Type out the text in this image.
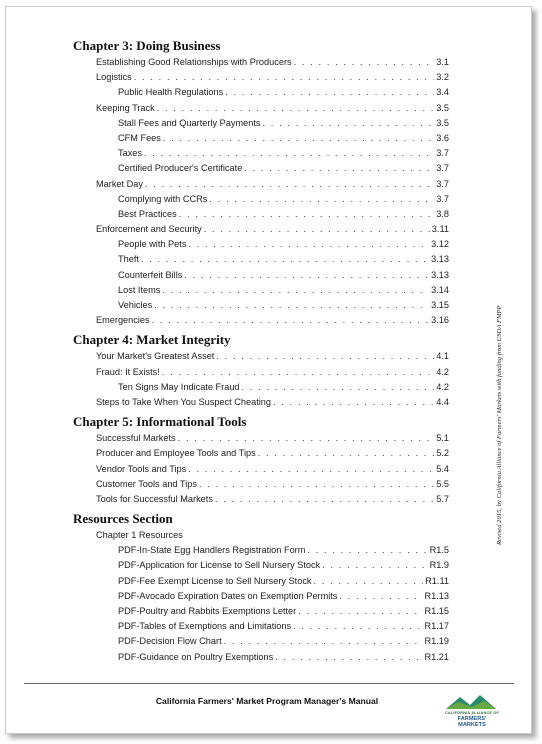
Chapter 3: Doing Business
Establishing Good Relationships with Producers . . .	3.1
Logistics . . .	3.2
Public Health Regulations . . .	3.4
Keeping Track . . .	3.5
Stall Fees and Quarterly Payments . . .	3.5
CFM Fees . . .	3.6
Taxes . . .	3.7
Certified Producer's Certificate . . .	3.7
Market Day . . .	3.7
Complying with CCRs . . .	3.7
Best Practices . . .	3.8
Enforcement and Security . . .	3.11
People with Pets . . .	3.12
Theft . . .	3.13
Counterfeit Bills . . .	3.13
Lost Items . . .	3.14
Vehicles . . .	3.15
Emergencies . . .	3.16
Chapter 4: Market Integrity
Your Market's Greatest Asset . . .	4.1
Fraud: It Exists! . . .	4.2
Ten Signs May Indicate Fraud . . .	4.2
Steps to Take When You Suspect Cheating . . .	4.4
Chapter 5: Informational Tools
Successful Markets . . .	5.1
Producer and Employee Tools and Tips . . .	5.2
Vendor Tools and Tips . . .	5.4
Customer Tools and Tips . . .	5.5
Tools for Successful Markets . . .	5.7
Resources Section
Chapter 1 Resources
PDF-In-State Egg Handlers Registration Form . . .	R1.5
PDF-Application for License to Sell Nursery Stock . . .	R1.9
PDF-Fee Exempt License to Sell Nursery Stock . . .	R1.11
PDF-Avocado Expiration Dates on Exemption Permits . . .	R1.13
PDF-Poultry and Rabbits Exemptions Letter . . .	R1.15
PDF-Tables of Exemptions and Limitations . . .	R1.17
PDF-Decision Flow Chart . . .	R1.19
PDF-Guidance on Poultry Exemptions . . .	R1.21
California Farmers' Market Program Manager's Manual
CALIFORNIA ALLIANCE OF
FARMERS' MARKETS
Revised 2015, by California Alliance of Farmers' Markets with funding from USDA FMPP
